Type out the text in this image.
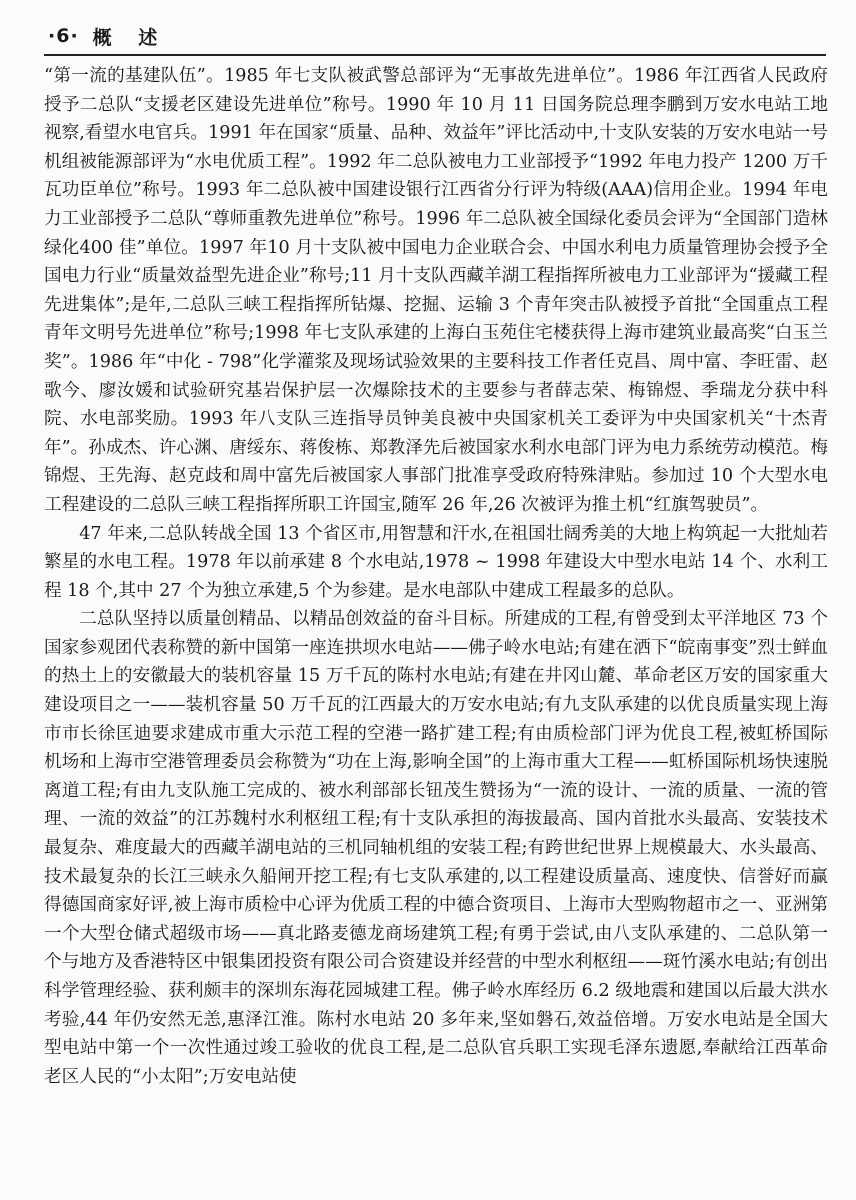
·6· 概 述

“第一流的基建队伍”。1985 年七支队被武警总部评为“无事故先进单位”。1986 年江西省人民政府授予二总队“支援老区建设先进单位”称号。1990 年 10 月 11 日国务院总理李鹏到万安水电站工地视察,看望水电官兵。1991 年在国家“质量、品种、效益年”评比活动中,十支队安装的万安水电站一号机组被能源部评为“水电优质工程”。1992 年二总队被电力工业部授予“1992 年电力投产 1200 万千瓦功臣单位”称号。1993 年二总队被中国建设银行江西省分行评为特级(AAA)信用企业。1994 年电力工业部授予二总队“尊师重教先进单位”称号。1996 年二总队被全国绿化委员会评为“全国部门造林绿化400 佳”单位。1997 年10 月十支队被中国电力企业联合会、中国水利电力质量管理协会授予全国电力行业“质量效益型先进企业”称号;11 月十支队西藏羊湖工程指挥所被电力工业部评为“援藏工程先进集体”;是年,二总队三峡工程指挥所钻爆、挖掘、运输 3 个青年突击队被授予首批“全国重点工程青年文明号先进单位”称号;1998 年七支队承建的上海白玉苑住宅楼获得上海市建筑业最高奖“白玉兰奖”。1986 年“中化 - 798”化学灌浆及现场试验效果的主要科技工作者任克昌、周中富、李旺雷、赵歌今、廖汝媛和试验研究基岩保护层一次爆除技术的主要参与者薛志荣、梅锦煜、季瑞龙分获中科院、水电部奖励。1993 年八支队三连指导员钟美良被中央国家机关工委评为中央国家机关“十杰青年”。孙成杰、许心渊、唐绥东、蒋俊栋、郑教泽先后被国家水利水电部门评为电力系统劳动模范。梅锦煜、王先海、赵克歧和周中富先后被国家人事部门批准享受政府特殊津贴。参加过 10 个大型水电工程建设的二总队三峡工程指挥所职工许国宝,随军 26 年,26 次被评为推土机“红旗驾驶员”。

47 年来,二总队转战全国 13 个省区市,用智慧和汗水,在祖国壮阔秀美的大地上构筑起一大批灿若繁星的水电工程。1978 年以前承建 8 个水电站,1978 ~ 1998 年建设大中型水电站 14 个、水利工程 18 个,其中 27 个为独立承建,5 个为参建。是水电部队中建成工程最多的总队。

二总队坚持以质量创精品、以精品创效益的奋斗目标。所建成的工程,有曾受到太平洋地区 73 个国家参观团代表称赞的新中国第一座连拱坝水电站——佛子岭水电站;有建在洒下“皖南事变”烈士鲜血的热土上的安徽最大的装机容量 15 万千瓦的陈村水电站;有建在井冈山麓、革命老区万安的国家重大建设项目之一——装机容量 50 万千瓦的江西最大的万安水电站;有九支队承建的以优良质量实现上海市市长徐匡迪要求建成市重大示范工程的空港一路扩建工程;有由质检部门评为优良工程,被虹桥国际机场和上海市空港管理委员会称赞为“功在上海,影响全国”的上海市重大工程——虹桥国际机场快速脱离道工程;有由九支队施工完成的、被水利部部长钮茂生赞扬为“一流的设计、一流的质量、一流的管理、一流的效益”的江苏魏村水利枢纽工程;有十支队承担的海拔最高、国内首批水头最高、安装技术最复杂、难度最大的西藏羊湖电站的三机同轴机组的安装工程;有跨世纪世界上规模最大、水头最高、技术最复杂的长江三峡永久船闸开挖工程;有七支队承建的,以工程建设质量高、速度快、信誉好而赢得德国商家好评,被上海市质检中心评为优质工程的中德合资项目、上海市大型购物超市之一、亚洲第一个大型仓储式超级市场——真北路麦德龙商场建筑工程;有勇于尝试,由八支队承建的、二总队第一个与地方及香港特区中银集团投资有限公司合资建设并经营的中型水利枢纽——斑竹溪水电站;有创出科学管理经验、获利颇丰的深圳东海花园城建工程。佛子岭水库经历 6.2 级地震和建国以后最大洪水考验,44 年仍安然无恙,惠泽江淮。陈村水电站 20 多年来,坚如磐石,效益倍增。万安水电站是全国大型电站中第一个一次性通过竣工验收的优良工程,是二总队官兵职工实现毛泽东遗愿,奉献给江西革命老区人民的“小太阳”;万安电站使
